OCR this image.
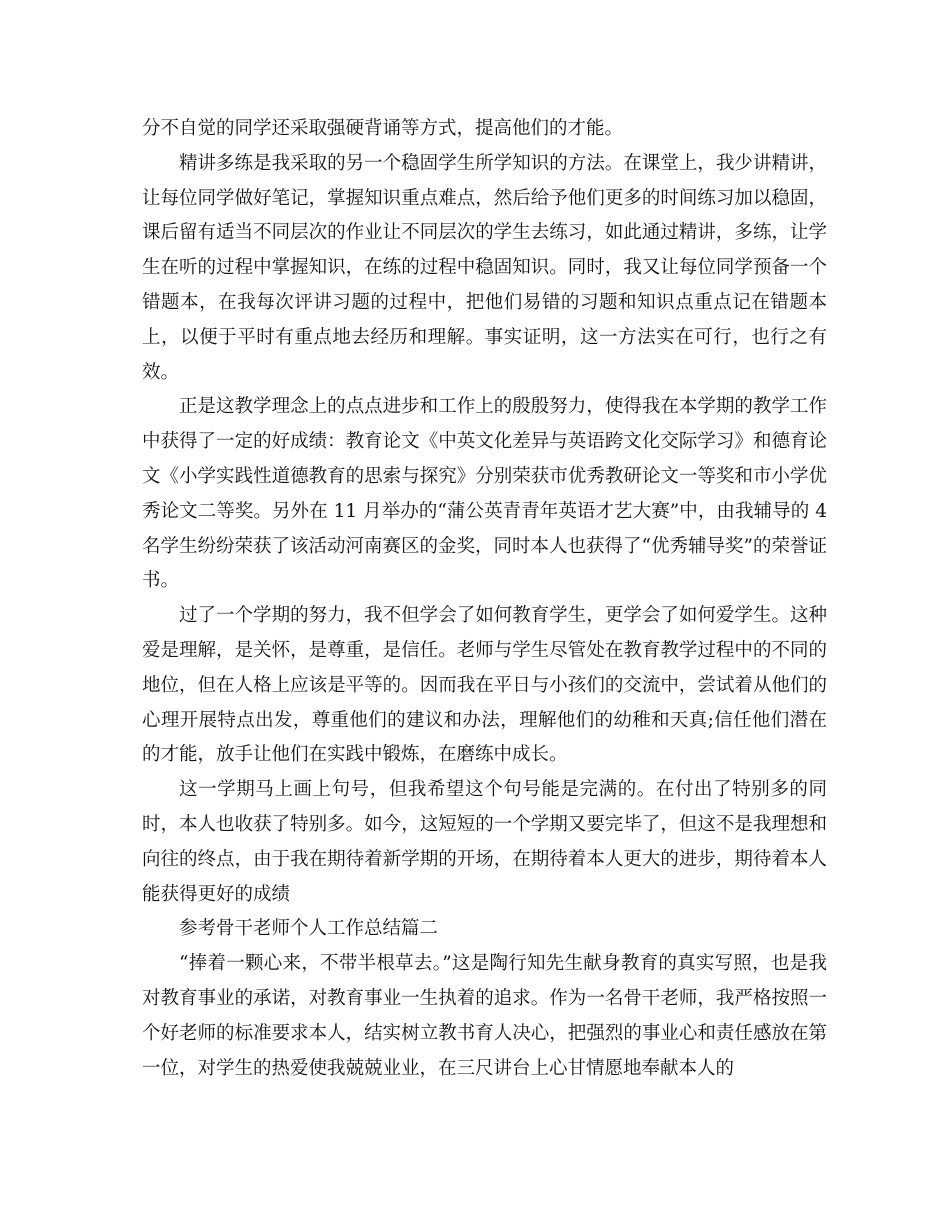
分不自觉的同学还采取强硬背诵等方式，提高他们的才能。

精讲多练是我采取的另一个稳固学生所学知识的方法。在课堂上，我少讲精讲，让每位同学做好笔记，掌握知识重点难点，然后给予他们更多的时间练习加以稳固，课后留有适当不同层次的作业让不同层次的学生去练习，如此通过精讲，多练，让学生在听的过程中掌握知识，在练的过程中稳固知识。同时，我又让每位同学预备一个错题本，在我每次评讲习题的过程中，把他们易错的习题和知识点重点记在错题本上，以便于平时有重点地去经历和理解。事实证明，这一方法实在可行，也行之有效。

正是这教学理念上的点点进步和工作上的殷殷努力，使得我在本学期的教学工作中获得了一定的好成绩：教育论文《中英文化差异与英语跨文化交际学习》和德育论文《小学实践性道德教育的思索与探究》分别荣获市优秀教研论文一等奖和市小学优秀论文二等奖。另外在 11 月举办的“蒲公英青青年英语才艺大赛”中，由我辅导的 4 名学生纷纷荣获了该活动河南赛区的金奖，同时本人也获得了“优秀辅导奖”的荣誉证书。

过了一个学期的努力，我不但学会了如何教育学生，更学会了如何爱学生。这种爱是理解，是关怀，是尊重，是信任。老师与学生尽管处在教育教学过程中的不同的地位，但在人格上应该是平等的。因而我在平日与小孩们的交流中，尝试着从他们的心理开展特点出发，尊重他们的建议和办法，理解他们的幼稚和天真;信任他们潜在的才能，放手让他们在实践中锻炼，在磨练中成长。

这一学期马上画上句号，但我希望这个句号能是完满的。在付出了特别多的同时，本人也收获了特别多。如今，这短短的一个学期又要完毕了，但这不是我理想和向往的终点，由于我在期待着新学期的开场，在期待着本人更大的进步，期待着本人能获得更好的成绩

参考骨干老师个人工作总结篇二

“捧着一颗心来，不带半根草去。”这是陶行知先生献身教育的真实写照，也是我对教育事业的承诺，对教育事业一生执着的追求。作为一名骨干老师，我严格按照一个好老师的标准要求本人，结实树立教书育人决心，把强烈的事业心和责任感放在第一位，对学生的热爱使我兢兢业业，在三尺讲台上心甘情愿地奉献本人的
